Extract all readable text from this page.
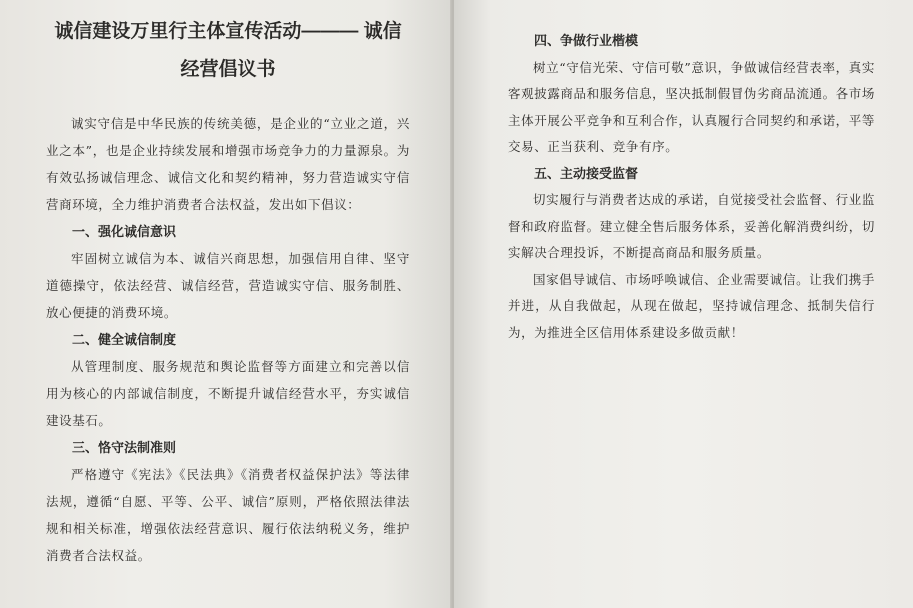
诚信建设万里行主体宣传活动——— 诚信
经营倡议书

诚实守信是中华民族的传统美德，是企业的“立业之道，兴业之本”，也是企业持续发展和增强市场竞争力的力量源泉。为有效弘扬诚信理念、诚信文化和契约精神，努力营造诚实守信营商环境，全力维护消费者合法权益，发出如下倡议：

一、强化诚信意识

牢固树立诚信为本、诚信兴商思想，加强信用自律、坚守道德操守，依法经营、诚信经营，营造诚实守信、服务制胜、放心便捷的消费环境。

二、健全诚信制度

从管理制度、服务规范和舆论监督等方面建立和完善以信用为核心的内部诚信制度，不断提升诚信经营水平，夯实诚信建设基石。

三、恪守法制准则

严格遵守《宪法》《民法典》《消费者权益保护法》等法律法规，遵循“自愿、平等、公平、诚信”原则，严格依照法律法规和相关标准，增强依法经营意识、履行依法纳税义务，维护消费者合法权益。

四、争做行业楷模

树立“守信光荣、守信可敬”意识，争做诚信经营表率，真实客观披露商品和服务信息，坚决抵制假冒伪劣商品流通。各市场主体开展公平竞争和互利合作，认真履行合同契约和承诺，平等交易、正当获利、竞争有序。

五、主动接受监督

切实履行与消费者达成的承诺，自觉接受社会监督、行业监督和政府监督。建立健全售后服务体系，妥善化解消费纠纷，切实解决合理投诉，不断提高商品和服务质量。

国家倡导诚信、市场呼唤诚信、企业需要诚信。让我们携手并进，从自我做起，从现在做起，坚持诚信理念、抵制失信行为，为推进全区信用体系建设多做贡献！
